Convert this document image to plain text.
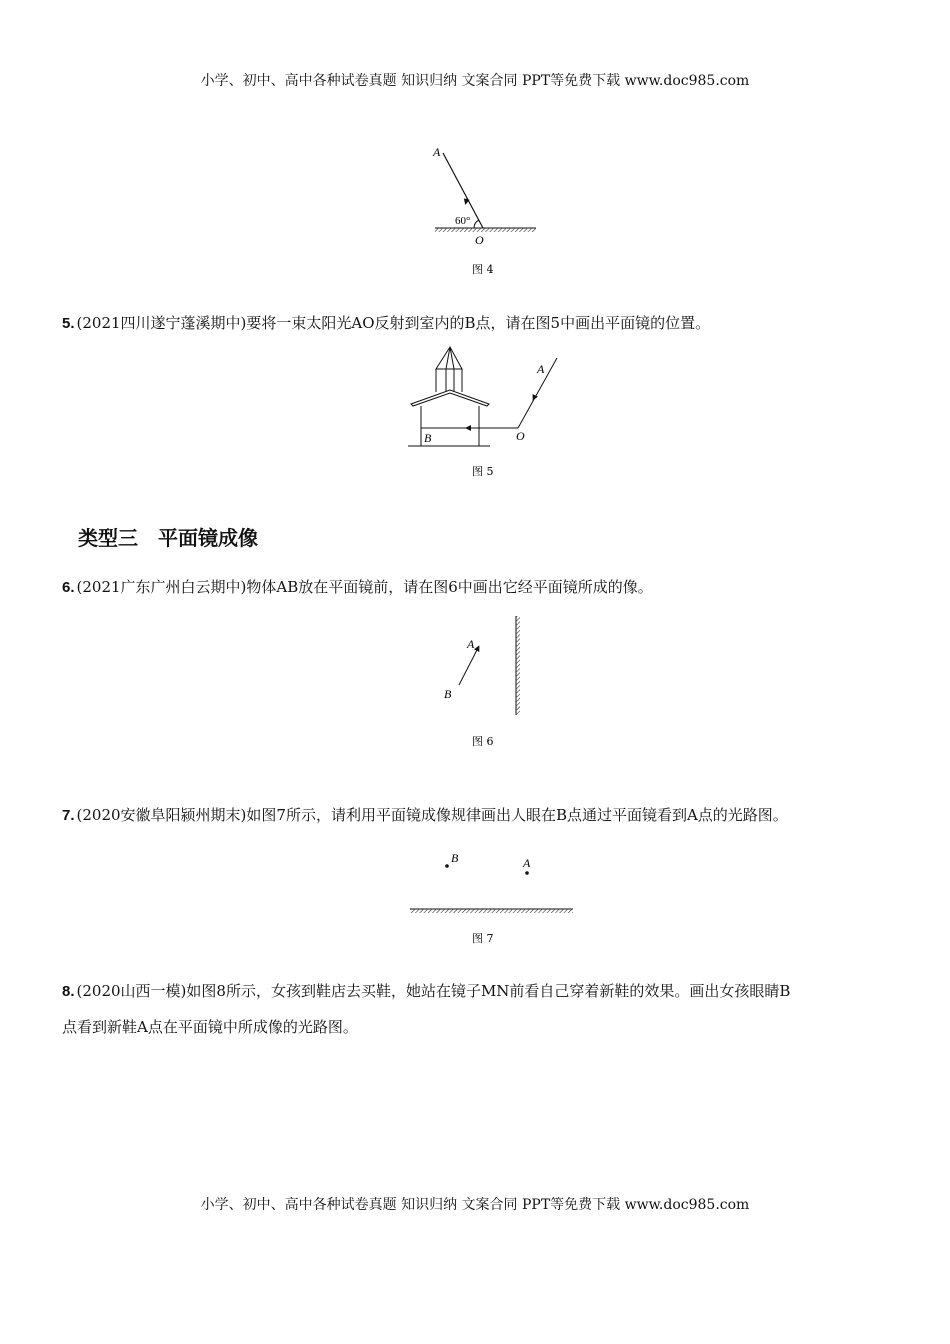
小学、初中、高中各种试卷真题 知识归纳 文案合同 PPT等免费下载 www.doc985.com
A
O
60°
图 4
A
B	O
图 5
A
B
图 6
B	A
图 7
5. (2021四川遂宁蓬溪期中)要将一束太阳光AO反射到室内的B点，请在图5中画出平面镜的位置。
类型三　平面镜成像
6. (2021广东广州白云期中)物体AB放在平面镜前，请在图6中画出它经平面镜所成的像。
7. (2020安徽阜阳颍州期末)如图7所示，请利用平面镜成像规律画出人眼在B点通过平面镜看到A点的光路图。
8. (2020山西一模)如图8所示，女孩到鞋店去买鞋，她站在镜子MN前看自己穿着新鞋的效果。画出女孩眼睛B
点看到新鞋A点在平面镜中所成像的光路图。
小学、初中、高中各种试卷真题 知识归纳 文案合同 PPT等免费下载 www.doc985.com
